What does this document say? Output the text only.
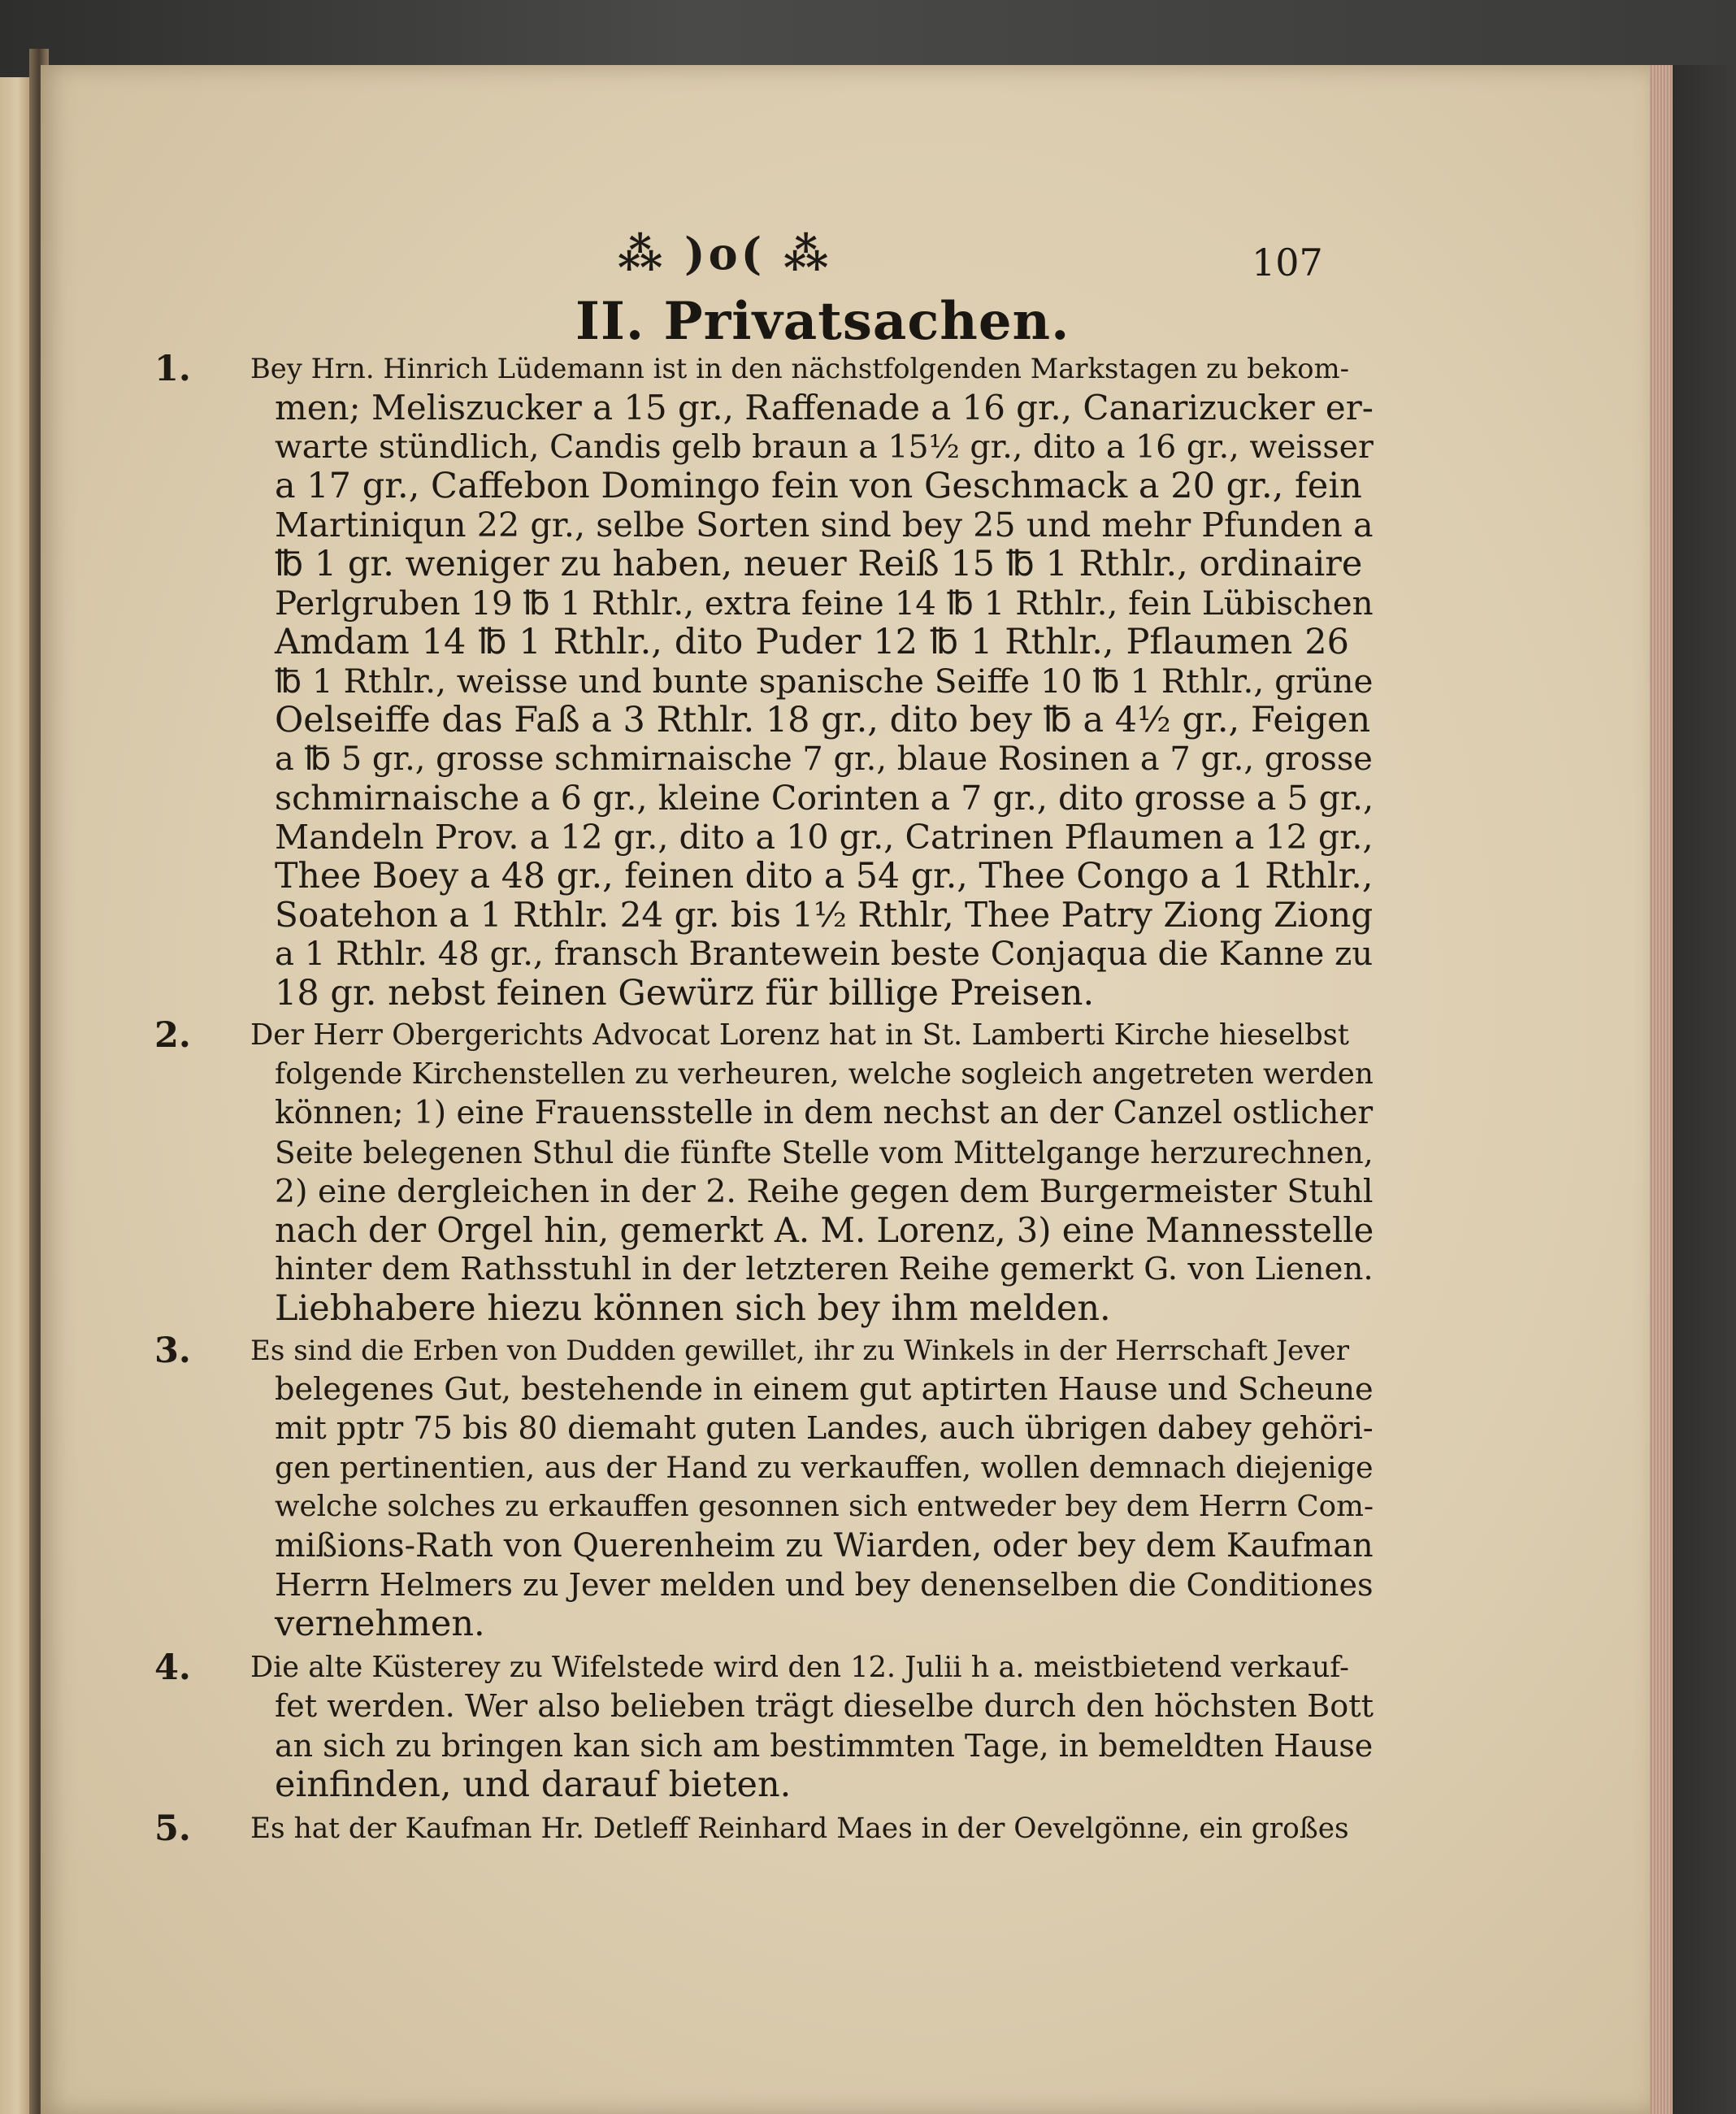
⁂ )o( ⁂	107
II. Privatsachen.
1. Bey Hrn. Hinrich Lüdemann ist in den nächstfolgenden Markstagen zu bekom-
men; Meliszucker a 15 gr., Raffenade a 16 gr., Canarizucker er-
warte stündlich, Candis gelb braun a 15½ gr., dito a 16 gr., weisser
a 17 gr., Caffebon Domingo fein von Geschmack a 20 gr., fein
Martiniqun 22 gr., selbe Sorten sind bey 25 und mehr Pfunden a
℔ 1 gr. weniger zu haben, neuer Reiß 15 ℔ 1 Rthlr., ordinaire
Perlgruben 19 ℔ 1 Rthlr., extra feine 14 ℔ 1 Rthlr., fein Lübischen
Amdam 14 ℔ 1 Rthlr., dito Puder 12 ℔ 1 Rthlr., Pflaumen 26
℔ 1 Rthlr., weisse und bunte spanische Seiffe 10 ℔ 1 Rthlr., grüne
Oelseiffe das Faß a 3 Rthlr. 18 gr., dito bey ℔ a 4½ gr., Feigen
a ℔ 5 gr., grosse schmirnaische 7 gr., blaue Rosinen a 7 gr., grosse
schmirnaische a 6 gr., kleine Corinten a 7 gr., dito grosse a 5 gr.,
Mandeln Prov. a 12 gr., dito a 10 gr., Catrinen Pflaumen a 12 gr.,
Thee Boey a 48 gr., feinen dito a 54 gr., Thee Congo a 1 Rthlr.,
Soatehon a 1 Rthlr. 24 gr. bis 1½ Rthlr, Thee Patry Ziong Ziong
a 1 Rthlr. 48 gr., fransch Brantewein beste Conjaqua die Kanne zu
18 gr. nebst feinen Gewürz für billige Preisen.
2. Der Herr Obergerichts Advocat Lorenz hat in St. Lamberti Kirche hieselbst
folgende Kirchenstellen zu verheuren, welche sogleich angetreten werden
können; 1) eine Frauensstelle in dem nechst an der Canzel ostlicher
Seite belegenen Sthul die fünfte Stelle vom Mittelgange herzurechnen,
2) eine dergleichen in der 2. Reihe gegen dem Burgermeister Stuhl
nach der Orgel hin, gemerkt A. M. Lorenz, 3) eine Mannesstelle
hinter dem Rathsstuhl in der letzteren Reihe gemerkt G. von Lienen.
Liebhabere hiezu können sich bey ihm melden.
3. Es sind die Erben von Dudden gewillet, ihr zu Winkels in der Herrschaft Jever
belegenes Gut, bestehende in einem gut aptirten Hause und Scheune
mit pptr 75 bis 80 diemaht guten Landes, auch übrigen dabey gehöri-
gen pertinentien, aus der Hand zu verkauffen, wollen demnach diejenige
welche solches zu erkauffen gesonnen sich entweder bey dem Herrn Com-
mißions-Rath von Querenheim zu Wiarden, oder bey dem Kaufman
Herrn Helmers zu Jever melden und bey denenselben die Conditiones
vernehmen.
4. Die alte Küsterey zu Wifelstede wird den 12. Julii h a. meistbietend verkauf-
fet werden. Wer also belieben trägt dieselbe durch den höchsten Bott
an sich zu bringen kan sich am bestimmten Tage, in bemeldten Hause
einfinden, und darauf bieten.
5. Es hat der Kaufman Hr. Detleff Reinhard Maes in der Oevelgönne, ein großes
